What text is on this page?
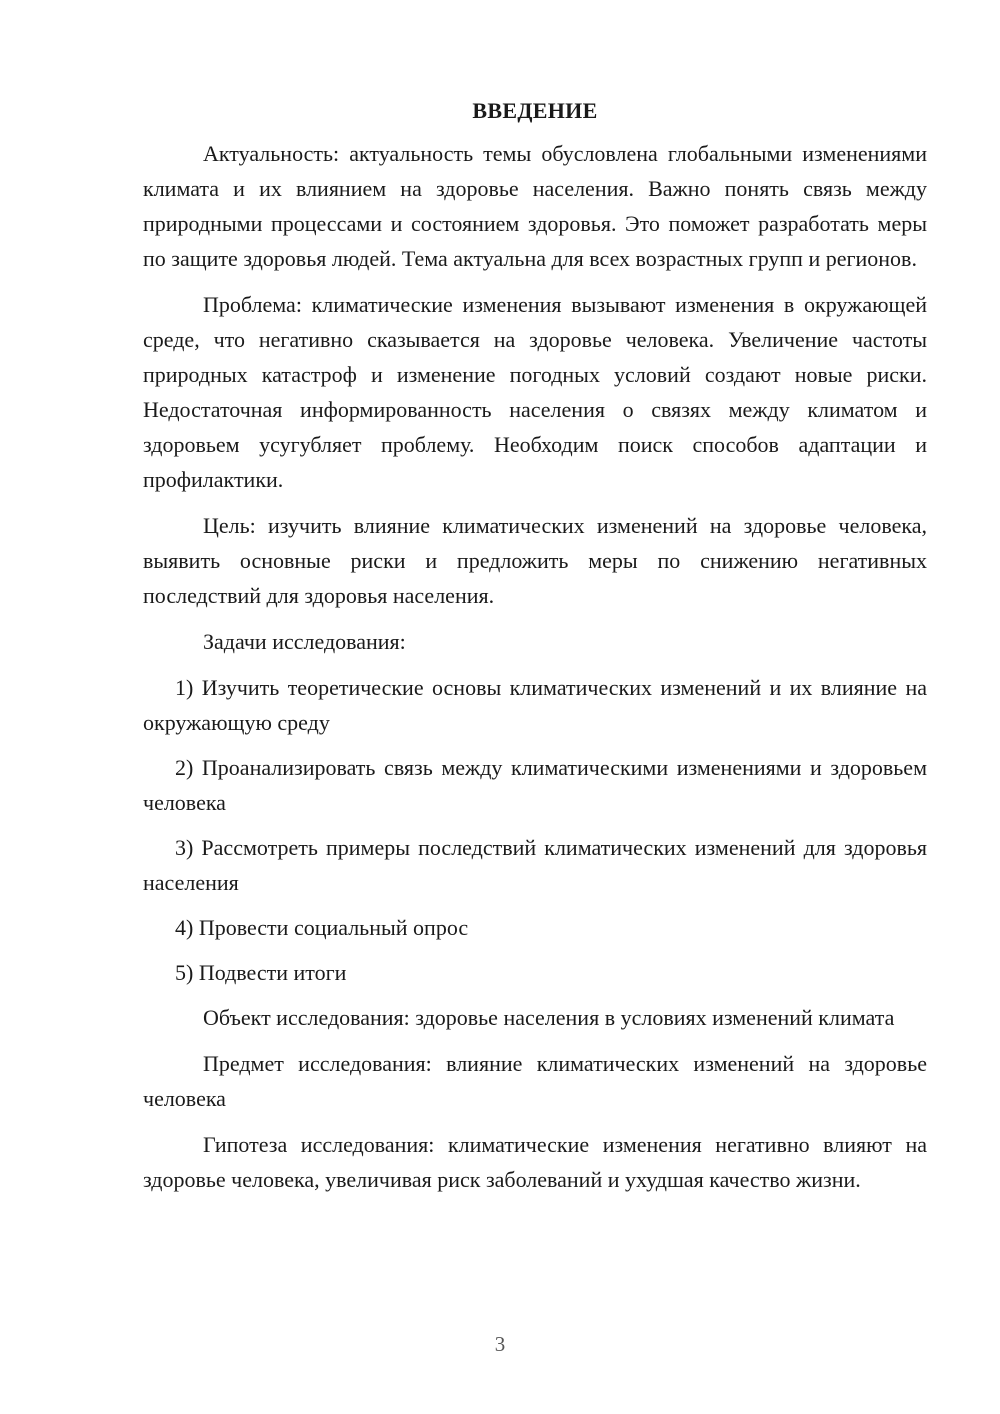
ВВЕДЕНИЕ

Актуальность: актуальность темы обусловлена глобальными изменениями климата и их влиянием на здоровье населения. Важно понять связь между природными процессами и состоянием здоровья. Это поможет разработать меры по защите здоровья людей. Тема актуальна для всех возрастных групп и регионов.

Проблема: климатические изменения вызывают изменения в окружающей среде, что негативно сказывается на здоровье человека. Увеличение частоты природных катастроф и изменение погодных условий создают новые риски. Недостаточная информированность населения о связях между климатом и здоровьем усугубляет проблему. Необходим поиск способов адаптации и профилактики.

Цель: изучить влияние климатических изменений на здоровье человека, выявить основные риски и предложить меры по снижению негативных последствий для здоровья населения.

Задачи исследования:

1) Изучить теоретические основы климатических изменений и их влияние на окружающую среду

2) Проанализировать связь между климатическими изменениями и здоровьем человека

3) Рассмотреть примеры последствий климатических изменений для здоровья населения

4) Провести социальный опрос

5) Подвести итоги

Объект исследования: здоровье населения в условиях изменений климата

Предмет исследования: влияние климатических изменений на здоровье человека

Гипотеза исследования: климатические изменения негативно влияют на здоровье человека, увеличивая риск заболеваний и ухудшая качество жизни.

3
